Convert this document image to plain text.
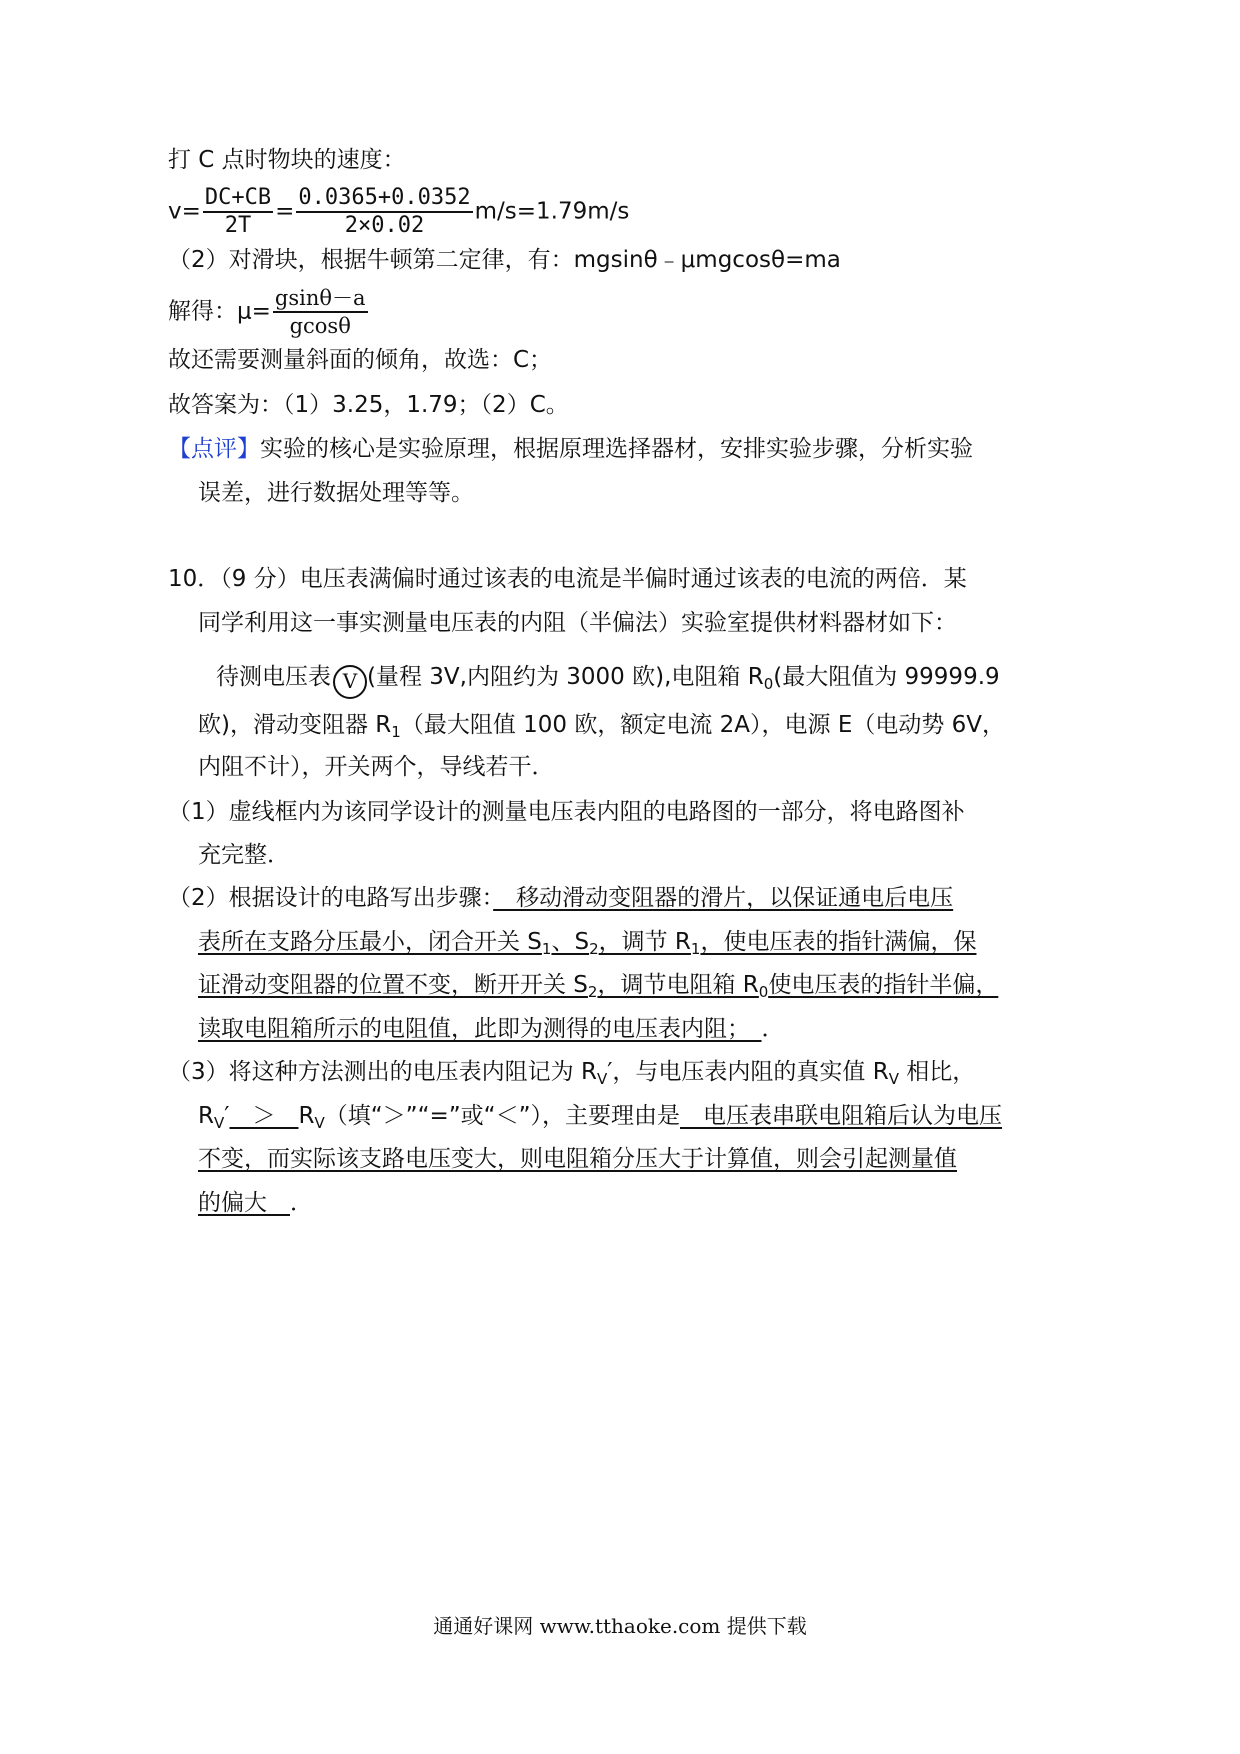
打 C 点时物块的速度：
$v= \frac{DC+CB}{2T} = \frac{0.0365+0.0352}{2\times 0.02} m/s=1.79m/s$
（2）对滑块，根据牛顿第二定律，有：mgsinθ﹣μmgcosθ=ma
解得：$\mu= \frac{gsin\theta-a}{gcos\theta}$
故还需要测量斜面的倾角，故选：C；
故答案为：（1）3.25，1.79；（2）C。
【点评】实验的核心是实验原理，根据原理选择器材，安排实验步骤，分析实验
误差，进行数据处理等等。
10．（9 分）电压表满偏时通过该表的电流是半偏时通过该表的电流的两倍．某
同学利用这一事实测量电压表的内阻（半偏法）实验室提供材料器材如下：
待测电压表 V (量程 3V,内阻约为 3000 欧),电阻箱 $R_0$(最大阻值为 99999.9
欧)，滑动变阻器 $R_1$（最大阻值 100 欧，额定电流 2A），电源 E（电动势 6V，
内阻不计），开关两个，导线若干．
（1）虚线框内为该同学设计的测量电压表内阻的电路图的一部分，将电路图补
充完整．
（2）根据设计的电路写出步骤：　移动滑动变阻器的滑片，以保证通电后电压
表所在支路分压最小，闭合开关 $S_1$、$S_2$，调节 $R_1$，使电压表的指针满偏，保
证滑动变阻器的位置不变，断开开关 $S_2$，调节电阻箱 $R_0$使电压表的指针半偏，
读取电阻箱所示的电阻值，此即为测得的电压表内阻；　．
（3）将这种方法测出的电压表内阻记为 $R_V'$，与电压表内阻的真实值 $R_V$ 相比，
$R_V'$　＞　$R_V$（填“＞”“=”或“＜”），主要理由是　电压表串联电阻箱后认为电压
不变，而实际该支路电压变大，则电阻箱分压大于计算值，则会引起测量值
的偏大　．
通通好课网 www.tthaoke.com 提供下载
